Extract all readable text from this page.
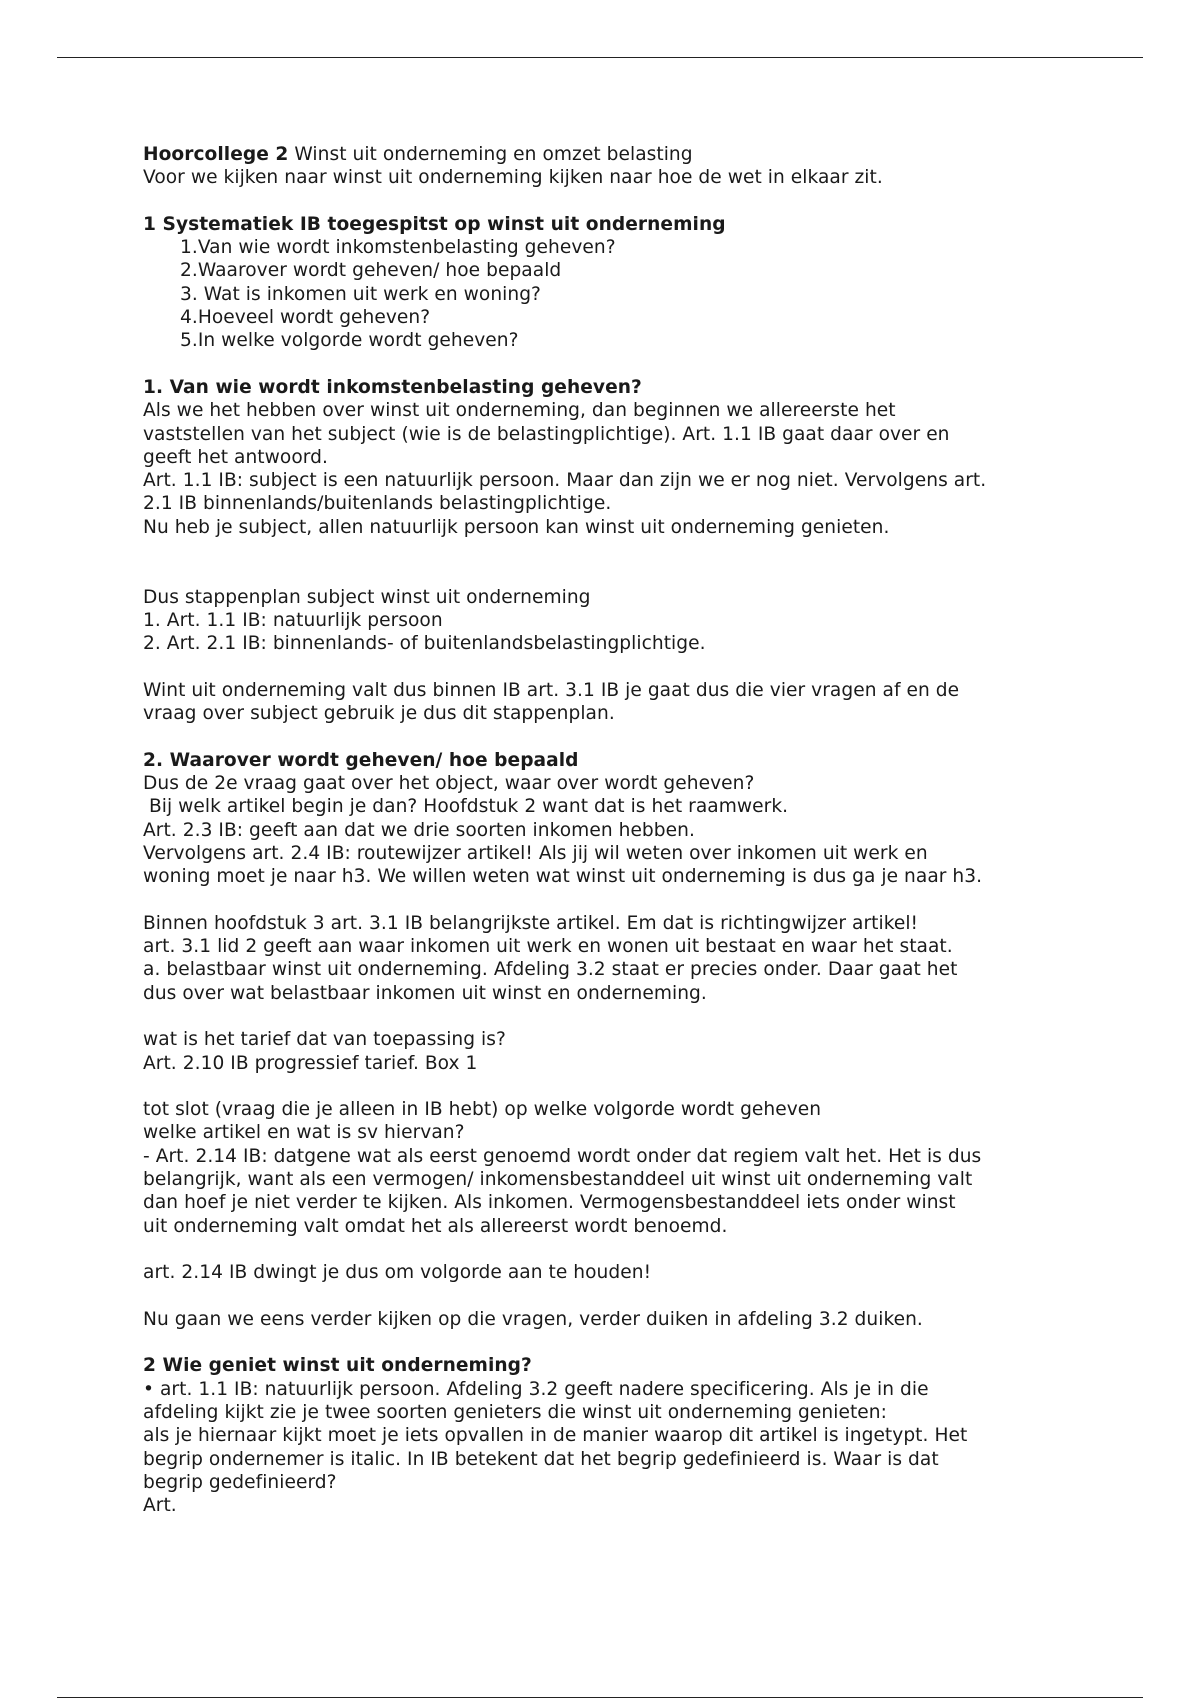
Hoorcollege 2 Winst uit onderneming en omzet belasting

Voor we kijken naar winst uit onderneming kijken naar hoe de wet in elkaar zit.

1 Systematiek IB toegespitst op winst uit onderneming

1.Van wie wordt inkomstenbelasting geheven?
2.Waarover wordt geheven/ hoe bepaald
3. Wat is inkomen uit werk en woning?
4.Hoeveel wordt geheven?
5.In welke volgorde wordt geheven?

1. Van wie wordt inkomstenbelasting geheven?

Als we het hebben over winst uit onderneming, dan beginnen we allereerste het

vaststellen van het subject (wie is de belastingplichtige). Art. 1.1 IB gaat daar over en

geeft het antwoord.

Art. 1.1 IB: subject is een natuurlijk persoon. Maar dan zijn we er nog niet. Vervolgens art.

2.1 IB binnenlands/buitenlands belastingplichtige.

Nu heb je subject, allen natuurlijk persoon kan winst uit onderneming genieten.

Dus stappenplan subject winst uit onderneming

1. Art. 1.1 IB: natuurlijk persoon

2. Art. 2.1 IB: binnenlands- of buitenlandsbelastingplichtige.

Wint uit onderneming valt dus binnen IB art. 3.1 IB je gaat dus die vier vragen af en de

vraag over subject gebruik je dus dit stappenplan.

2. Waarover wordt geheven/ hoe bepaald

Dus de 2e vraag gaat over het object, waar over wordt geheven?

Bij welk artikel begin je dan? Hoofdstuk 2 want dat is het raamwerk.

Art. 2.3 IB: geeft aan dat we drie soorten inkomen hebben.

Vervolgens art. 2.4 IB: routewijzer artikel! Als jij wil weten over inkomen uit werk en

woning moet je naar h3. We willen weten wat winst uit onderneming is dus ga je naar h3.

Binnen hoofdstuk 3 art. 3.1 IB belangrijkste artikel. Em dat is richtingwijzer artikel!

art. 3.1 lid 2 geeft aan waar inkomen uit werk en wonen uit bestaat en waar het staat.

a. belastbaar winst uit onderneming. Afdeling 3.2 staat er precies onder. Daar gaat het

dus over wat belastbaar inkomen uit winst en onderneming.

wat is het tarief dat van toepassing is?

Art. 2.10 IB progressief tarief. Box 1

tot slot (vraag die je alleen in IB hebt) op welke volgorde wordt geheven

welke artikel en wat is sv hiervan?

- Art. 2.14 IB: datgene wat als eerst genoemd wordt onder dat regiem valt het. Het is dus

belangrijk, want als een vermogen/ inkomensbestanddeel uit winst uit onderneming valt

dan hoef je niet verder te kijken. Als inkomen. Vermogensbestanddeel iets onder winst

uit onderneming valt omdat het als allereerst wordt benoemd.

art. 2.14 IB dwingt je dus om volgorde aan te houden!

Nu gaan we eens verder kijken op die vragen, verder duiken in afdeling 3.2 duiken.

2 Wie geniet winst uit onderneming?

• art. 1.1 IB: natuurlijk persoon. Afdeling 3.2 geeft nadere specificering. Als je in die

afdeling kijkt zie je twee soorten genieters die winst uit onderneming genieten:

als je hiernaar kijkt moet je iets opvallen in de manier waarop dit artikel is ingetypt. Het

begrip ondernemer is italic. In IB betekent dat het begrip gedefinieerd is. Waar is dat

begrip gedefinieerd?

Art.
